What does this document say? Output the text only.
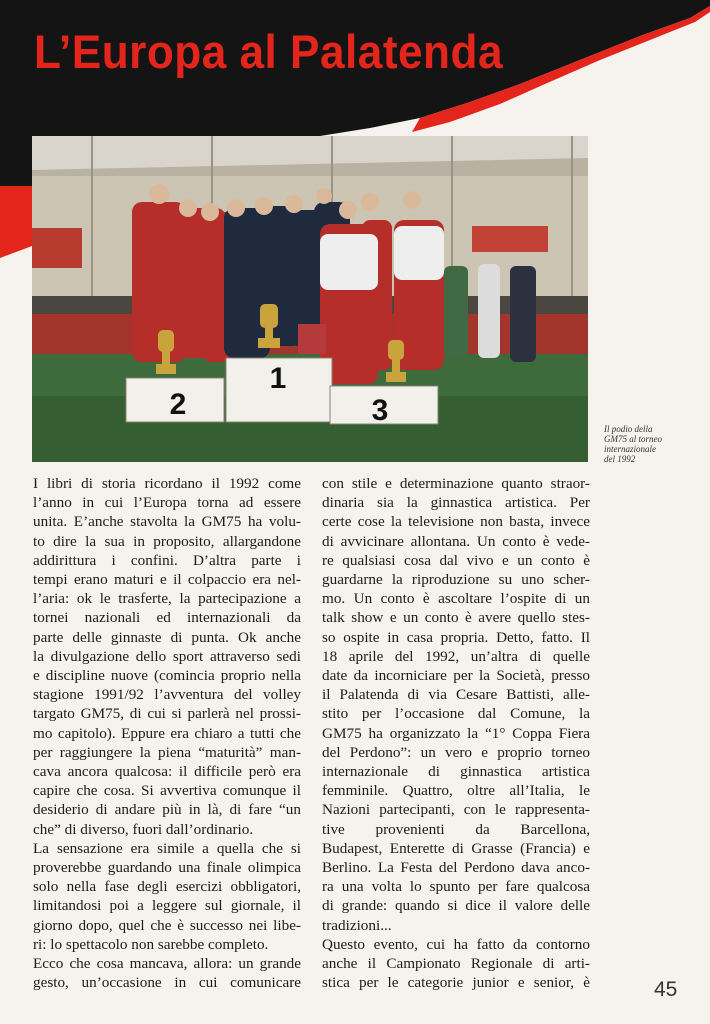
L’Europa al Palatenda
2
1
3
Il podio della
GM75 al torneo
internazionale
del 1992
I libri di storia ricordano il 1992 come
l’anno in cui l’Europa torna ad essere
unita. E’anche stavolta la GM75 ha volu-
to dire la sua in proposito, allargandone
addirittura i confini. D’altra parte i
tempi erano maturi e il colpaccio era nel-
l’aria: ok le trasferte, la partecipazione a
tornei nazionali ed internazionali da
parte delle ginnaste di punta. Ok anche
la divulgazione dello sport attraverso sedi
e discipline nuove (comincia proprio nella
stagione 1991/92 l’avventura del volley
targato GM75, di cui si parlerà nel prossi-
mo capitolo). Eppure era chiaro a tutti che
per raggiungere la piena “maturità” man-
cava ancora qualcosa: il difficile però era
capire che cosa. Si avvertiva comunque il
desiderio di andare più in là, di fare “un
che” di diverso, fuori dall’ordinario.
La sensazione era simile a quella che si
proverebbe guardando una finale olimpica
solo nella fase degli esercizi obbligatori,
limitandosi poi a leggere sul giornale, il
giorno dopo, quel che è successo nei libe-
ri: lo spettacolo non sarebbe completo.
Ecco che cosa mancava, allora: un grande
gesto, un’occasione in cui comunicare
con stile e determinazione quanto straor-
dinaria sia la ginnastica artistica. Per
certe cose la televisione non basta, invece
di avvicinare allontana. Un conto è vede-
re qualsiasi cosa dal vivo e un conto è
guardarne la riproduzione su uno scher-
mo. Un conto è ascoltare l’ospite di un
talk show e un conto è avere quello stes-
so ospite in casa propria. Detto, fatto. Il
18 aprile del 1992, un’altra di quelle
date da incorniciare per la Società, presso
il Palatenda di via Cesare Battisti, alle-
stito per l’occasione dal Comune, la
GM75 ha organizzato la “1° Coppa Fiera
del Perdono”: un vero e proprio torneo
internazionale di ginnastica artistica
femminile. Quattro, oltre all’Italia, le
Nazioni partecipanti, con le rappresenta-
tive provenienti da Barcellona,
Budapest, Enterette di Grasse (Francia) e
Berlino. La Festa del Perdono dava anco-
ra una volta lo spunto per fare qualcosa
di grande: quando si dice il valore delle
tradizioni...
Questo evento, cui ha fatto da contorno
anche il Campionato Regionale di arti-
stica per le categorie junior e senior, è	45
